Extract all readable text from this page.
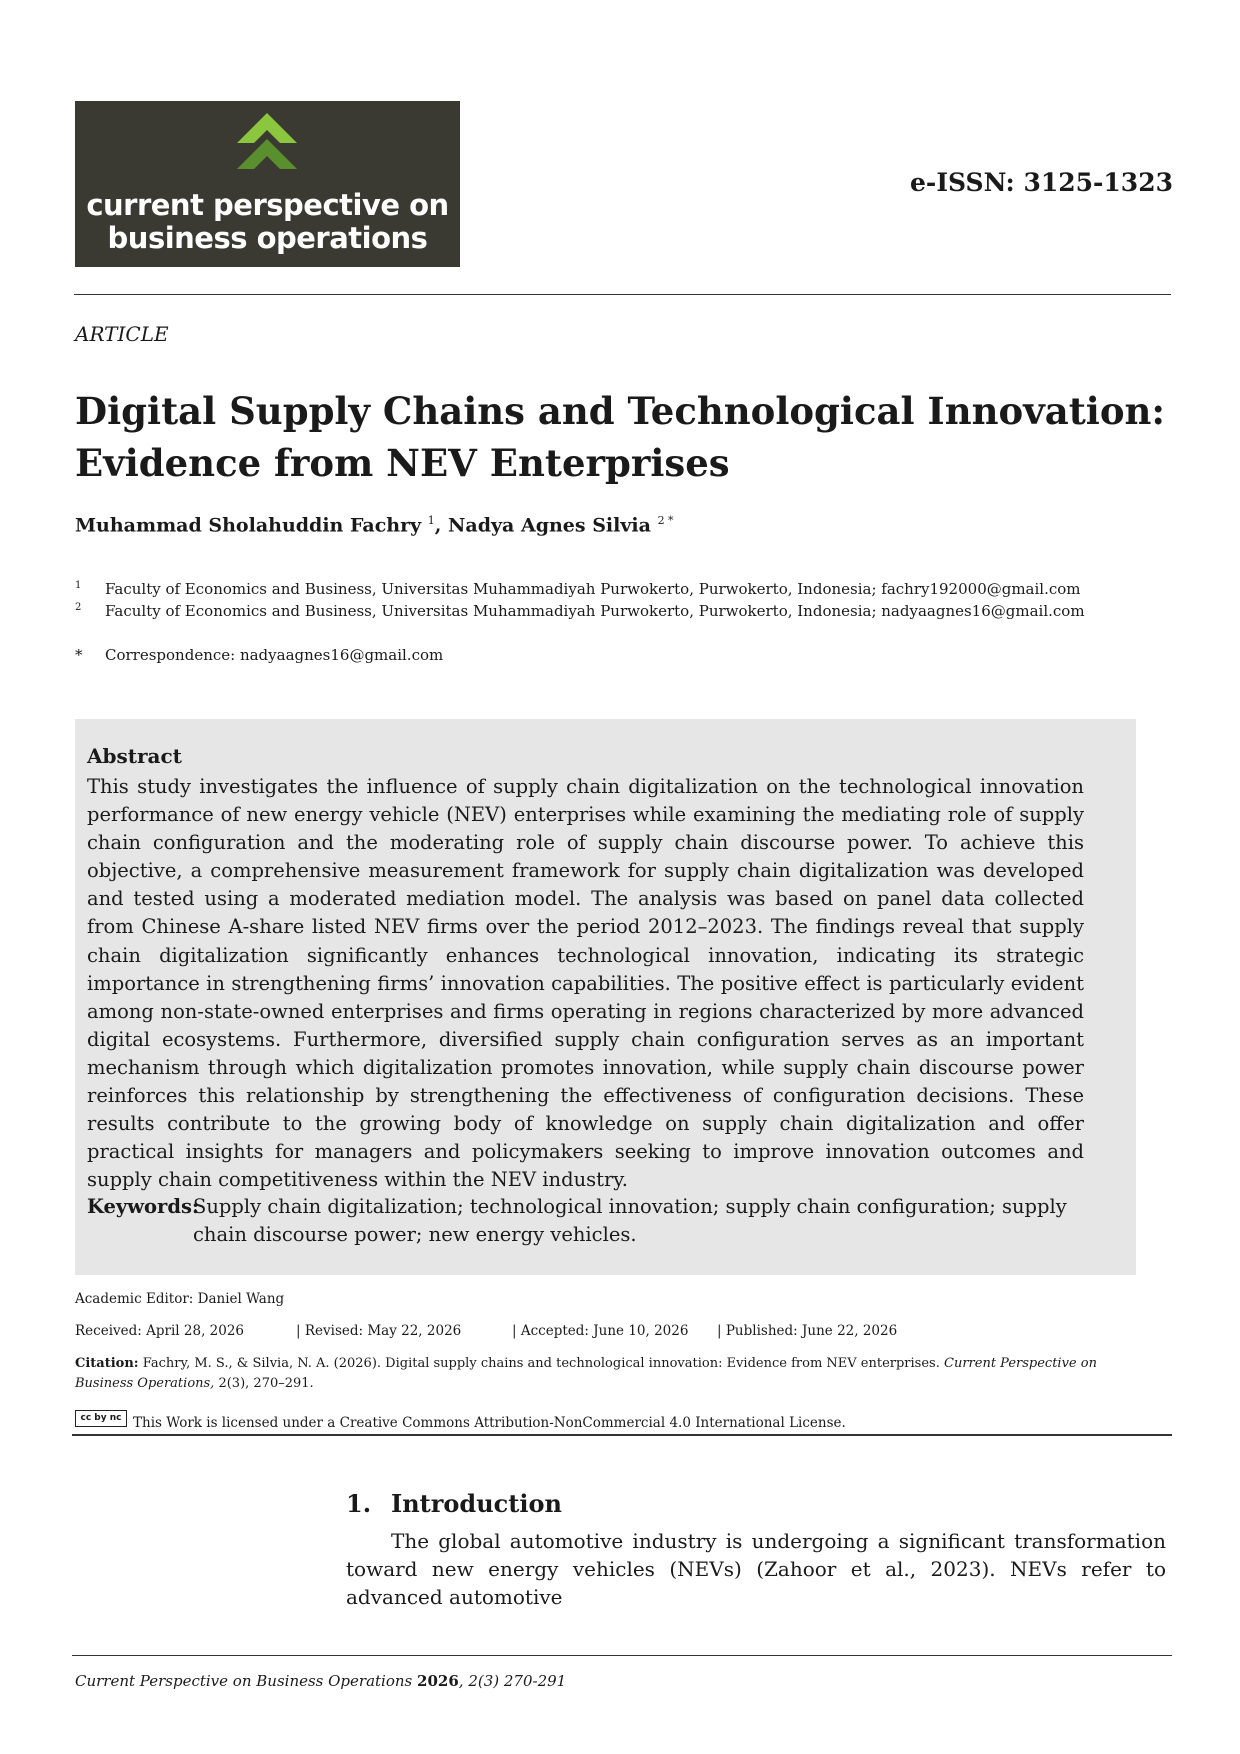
current perspective on
business operations
e-ISSN: 3125-1323
ARTICLE
Digital Supply Chains and Technological Innovation: Evidence from NEV Enterprises
Muhammad Sholahuddin Fachry $^1$, Nadya Agnes Silvia $^{2 *}$
1 Faculty of Economics and Business, Universitas Muhammadiyah Purwokerto, Purwokerto, Indonesia; fachry192000@gmail.com
2 Faculty of Economics and Business, Universitas Muhammadiyah Purwokerto, Purwokerto, Indonesia; nadyaagnes16@gmail.com
* Correspondence: nadyaagnes16@gmail.com
Abstract

This study investigates the influence of supply chain digitalization on the technological innovation performance of new energy vehicle (NEV) enterprises while examining the mediating role of supply chain configuration and the moderating role of supply chain discourse power. To achieve this objective, a comprehensive measurement framework for supply chain digitalization was developed and tested using a moderated mediation model. The analysis was based on panel data collected from Chinese A-share listed NEV firms over the period 2012–2023. The findings reveal that supply chain digitalization significantly enhances technological innovation, indicating its strategic importance in strengthening firms’ innovation capabilities. The positive effect is particularly evident among non-state-owned enterprises and firms operating in regions characterized by more advanced digital ecosystems. Furthermore, diversified supply chain configuration serves as an important mechanism through which digitalization promotes innovation, while supply chain discourse power reinforces this relationship by strengthening the effectiveness of configuration decisions. These results contribute to the growing body of knowledge on supply chain digitalization and offer practical insights for managers and policymakers seeking to improve innovation outcomes and supply chain competitiveness within the NEV industry.

Keywords:

Supply chain digitalization; technological innovation; supply chain configuration; supply chain discourse power; new energy vehicles.

Academic Editor: Daniel Wang
Received: April 28, 2026	| Revised: May 22, 2026	| Accepted: June 10, 2026 | Published: June 22, 2026

Citation: Fachry, M. S., & Silvia, N. A. (2026). Digital supply chains and technological innovation: Evidence from NEV enterprises. Current Perspective on Business Operations, 2(3), 270–291.

cc by nc This Work is licensed under a Creative Commons Attribution-NonCommercial 4.0 International License.
1. Introduction

The global automotive industry is undergoing a significant transformation toward new energy vehicles (NEVs) (Zahoor et al., 2023). NEVs refer to advanced automotive

Current Perspective on Business Operations 2026, 2(3) 270-291
